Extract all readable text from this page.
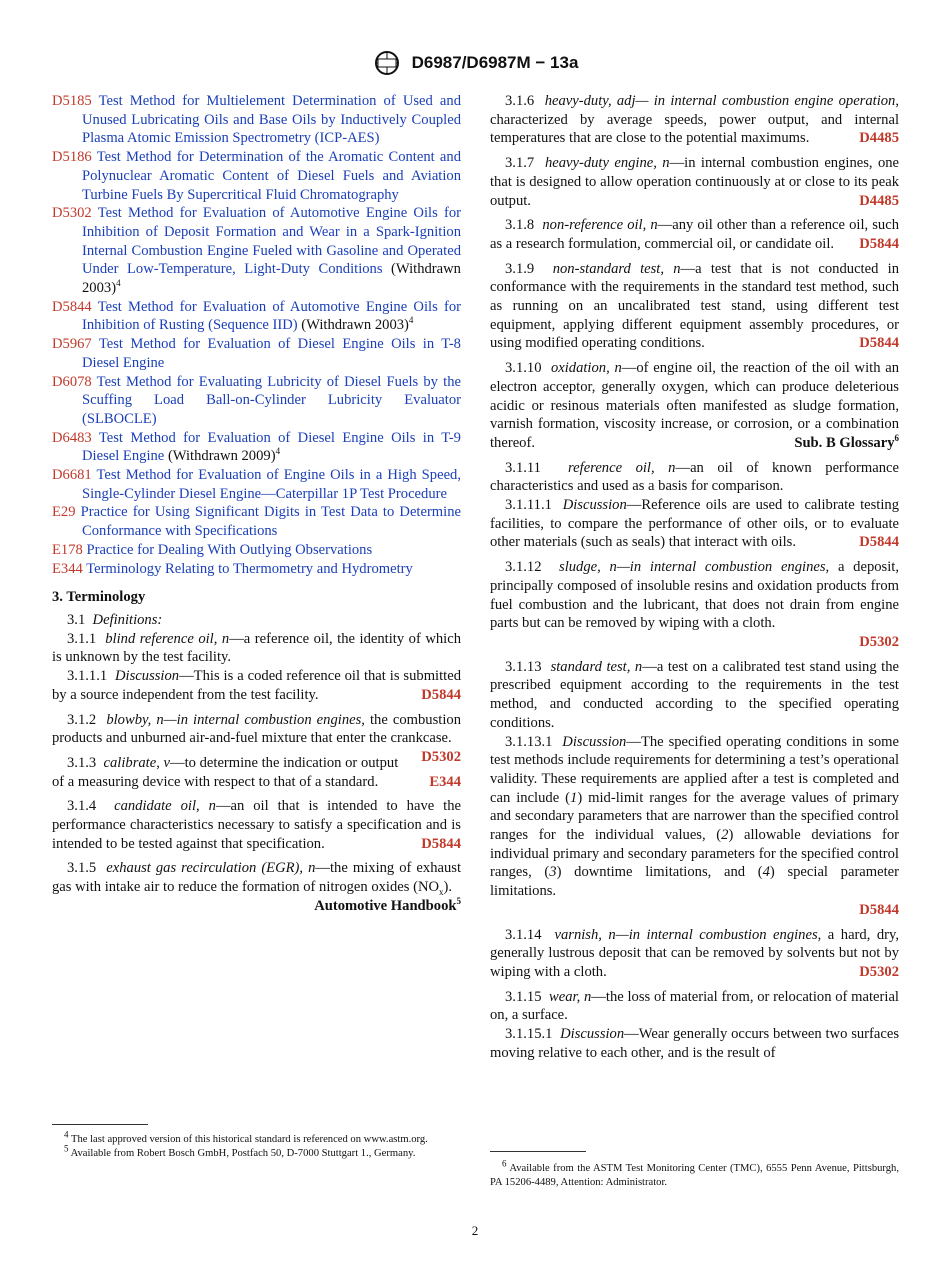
D6987/D6987M − 13a
D5185 Test Method for Multielement Determination of Used and Unused Lubricating Oils and Base Oils by Inductively Coupled Plasma Atomic Emission Spectrometry (ICP-AES)
D5186 Test Method for Determination of the Aromatic Content and Polynuclear Aromatic Content of Diesel Fuels and Aviation Turbine Fuels By Supercritical Fluid Chromatography
D5302 Test Method for Evaluation of Automotive Engine Oils for Inhibition of Deposit Formation and Wear in a Spark-Ignition Internal Combustion Engine Fueled with Gasoline and Operated Under Low-Temperature, Light-Duty Conditions (Withdrawn 2003)$^4$
D5844 Test Method for Evaluation of Automotive Engine Oils for Inhibition of Rusting (Sequence IID) (Withdrawn 2003)$^4$
D5967 Test Method for Evaluation of Diesel Engine Oils in T-8 Diesel Engine
D6078 Test Method for Evaluating Lubricity of Diesel Fuels by the Scuffing Load Ball-on-Cylinder Lubricity Evaluator (SLBOCLE)
D6483 Test Method for Evaluation of Diesel Engine Oils in T-9 Diesel Engine (Withdrawn 2009)$^4$
D6681 Test Method for Evaluation of Engine Oils in a High Speed, Single-Cylinder Diesel Engine—Caterpillar 1P Test Procedure
E29 Practice for Using Significant Digits in Test Data to Determine Conformance with Specifications
E178 Practice for Dealing With Outlying Observations
E344 Terminology Relating to Thermometry and Hydrometry
3. Terminology

3.1 Definitions:

3.1.1 blind reference oil, n—a reference oil, the identity of which is unknown by the test facility.

3.1.1.1 Discussion—This is a coded reference oil that is submitted by a source independent from the test facility.	D5844

3.1.2 blowby, n—in internal combustion engines, the combustion products and unburned air-and-fuel mixture that enter the crankcase.
D5302

3.1.3 calibrate, v—to determine the indication or output of a measuring device with respect to that of a standard.	E344

3.1.4 candidate oil, n—an oil that is intended to have the performance characteristics necessary to satisfy a specification and is intended to be tested against that specification.	D5844

3.1.5 exhaust gas recirculation (EGR), n—the mixing of exhaust gas with intake air to reduce the formation of nitrogen oxides $(NO_x)$.
Automotive Handbook$^5$

3.1.6 heavy-duty, adj— in internal combustion engine operation, characterized by average speeds, power output, and internal temperatures that are close to the potential maximums.	D4485

3.1.7 heavy-duty engine, n—in internal combustion engines, one that is designed to allow operation continuously at or close to its peak output.	D4485

3.1.8 non-reference oil, n—any oil other than a reference oil, such as a research formulation, commercial oil, or candidate oil.	D5844

3.1.9 non-standard test, n—a test that is not conducted in conformance with the requirements in the standard test method, such as running on an uncalibrated test stand, using different test equipment, applying different equipment assembly procedures, or using modified operating conditions.	D5844

3.1.10 oxidation, n—of engine oil, the reaction of the oil with an electron acceptor, generally oxygen, which can produce deleterious acidic or resinous materials often manifested as sludge formation, varnish formation, viscosity increase, or corrosion, or a combination thereof.	Sub. B Glossary$^6$

3.1.11 reference oil, n—an oil of known performance characteristics and used as a basis for comparison.

3.1.11.1 Discussion—Reference oils are used to calibrate testing facilities, to compare the performance of other oils, or to evaluate other materials (such as seals) that interact with oils.	D5844

3.1.12 sludge, n—in internal combustion engines, a deposit, principally composed of insoluble resins and oxidation products from fuel combustion and the lubricant, that does not drain from engine parts but can be removed by wiping with a cloth.

D5302

3.1.13 standard test, n—a test on a calibrated test stand using the prescribed equipment according to the requirements in the test method, and conducted according to the specified operating conditions.

3.1.13.1 Discussion—The specified operating conditions in some test methods include requirements for determining a test’s operational validity. These requirements are applied after a test is completed and can include (1) mid-limit ranges for the average values of primary and secondary parameters that are narrower than the specified control ranges for the individual values, (2) allowable deviations for individual primary and secondary parameters for the specified control ranges, (3) downtime limitations, and (4) special parameter limitations.

D5844

3.1.14 varnish, n—in internal combustion engines, a hard, dry, generally lustrous deposit that can be removed by solvents but not by wiping with a cloth.	D5302

3.1.15 wear, n—the loss of material from, or relocation of material on, a surface.

3.1.15.1 Discussion—Wear generally occurs between two surfaces moving relative to each other, and is the result of

$^4$ The last approved version of this historical standard is referenced on www.astm.org.

$^5$ Available from Robert Bosch GmbH, Postfach 50, D-7000 Stuttgart 1., Germany.

$^6$ Available from the ASTM Test Monitoring Center (TMC), 6555 Penn Avenue, Pittsburgh, PA 15206-4489, Attention: Administrator.

2
